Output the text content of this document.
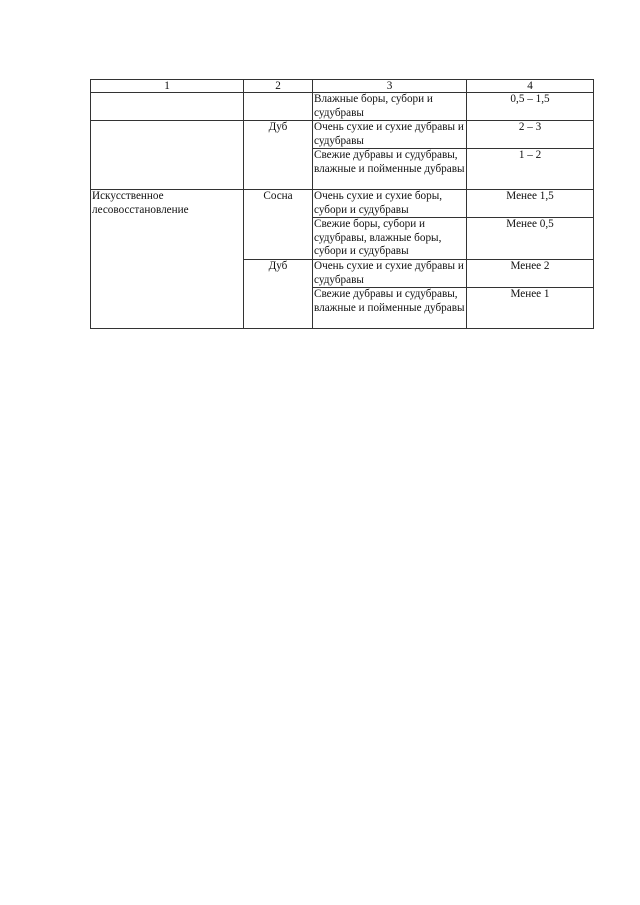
1	2	3	4
		Влажные боры, субори и судубравы	0,5 – 1,5
	Дуб	Очень сухие и сухие дубравы и судубравы	2 – 3
		Свежие дубравы и судубравы, влажные и пойменные дубравы	1 – 2
Искусственное лесовосстановление	Сосна	Очень сухие и сухие боры, субори и судубравы	Менее 1,5
		Свежие боры, субори и судубравы, влажные боры, субори и судубравы	Менее 0,5
	Дуб	Очень сухие и сухие дубравы и судубравы	Менее 2
		Свежие дубравы и судубравы, влажные и пойменные дубравы	Менее 1
